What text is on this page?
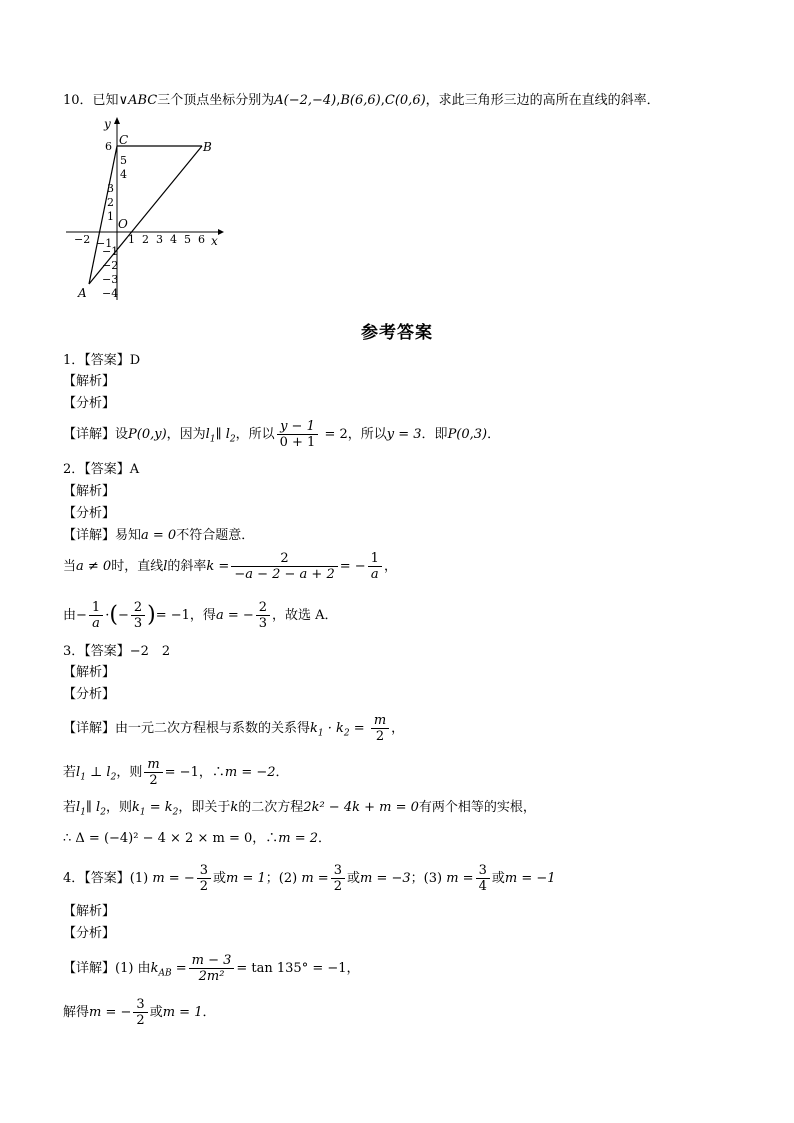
10．已知∨ABC三个顶点坐标分别为A(−2,−4),B(6,6),C(0,6)，求此三角形三边的高所在直线的斜率．
y
x
O
C	B
A
−2 −1 1 2 3 4 5 6
6
5
4
3
2
1
−1
−2
−3
−4
参考答案
1．【答案】D
【解析】
【分析】
【详解】设P(0,y)，因为$l_1\parallel$ $l_2$，所以 $\frac{y - 1}{0 + 1} = 2$，所以y = 3．即P(0,3)．
2．【答案】A
【解析】
【分析】
【详解】易知a = 0不符合题意．
当a ≠ 0时，直线l的斜率$k = \frac{2}{-a - 2 - a + 2}$ = − $\frac{1}{a}$ ，
由− $\frac{1}{a}$ ·(− $\frac{2}{3}$ )= −1，得a = − $\frac{2}{3}$ ，故选 A．
3．【答案】−2　2
【解析】
【分析】
【详解】由一元二次方程根与系数的关系得$k_1 \cdot k_2 = \frac{m}{2}$ ，
若$l_1$ ⊥ $l_2$，则 $\frac{m}{2} = -1$，∴m = −2．
若$l_1\parallel$ $l_2$，则$k_1 = k_2$，即关于k的二次方程2k² − 4k + m = 0有两个相等的实根，
∴ Δ = (−4)² − 4 × 2 × m = 0，∴m = 2．
4．【答案】(1) m = − $\frac{3}{2}$ 或m = 1；(2) $m = \frac{3}{2}$ 或m = −3；(3) $m = \frac{3}{4}$ 或m = −1
【解析】
【分析】
【详解】(1) 由$k_{AB} = \frac{m - 3}{\text{2m²}} = \tan 135^\circ = -1$，
解得m = − $\frac{3}{2}$ 或m = 1．
